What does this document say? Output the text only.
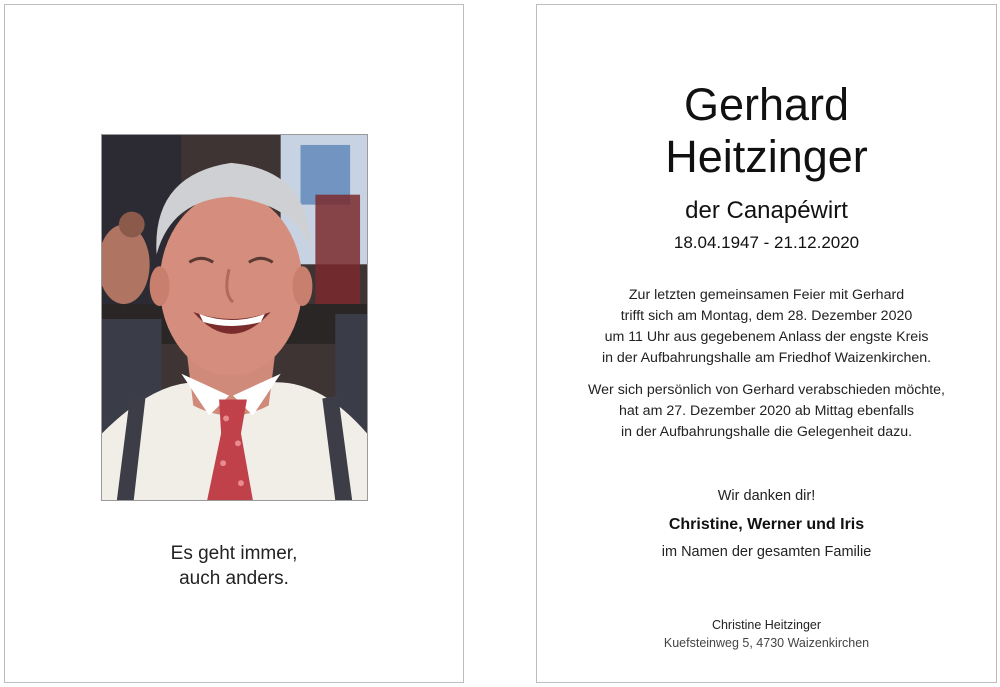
Es geht immer,
auch anders.
Gerhard
Heitzinger
der Canapéwirt
18.04.1947 - 21.12.2020
Zur letzten gemeinsamen Feier mit Gerhard
trifft sich am Montag, dem 28. Dezember 2020
um 11 Uhr aus gegebenem Anlass der engste Kreis
in der Aufbahrungshalle am Friedhof Waizenkirchen.
Wer sich persönlich von Gerhard verabschieden möchte,
hat am 27. Dezember 2020 ab Mittag ebenfalls
in der Aufbahrungshalle die Gelegenheit dazu.
Wir danken dir!
Christine, Werner und Iris
im Namen der gesamten Familie
Christine Heitzinger
Kuefsteinweg 5, 4730 Waizenkirchen
